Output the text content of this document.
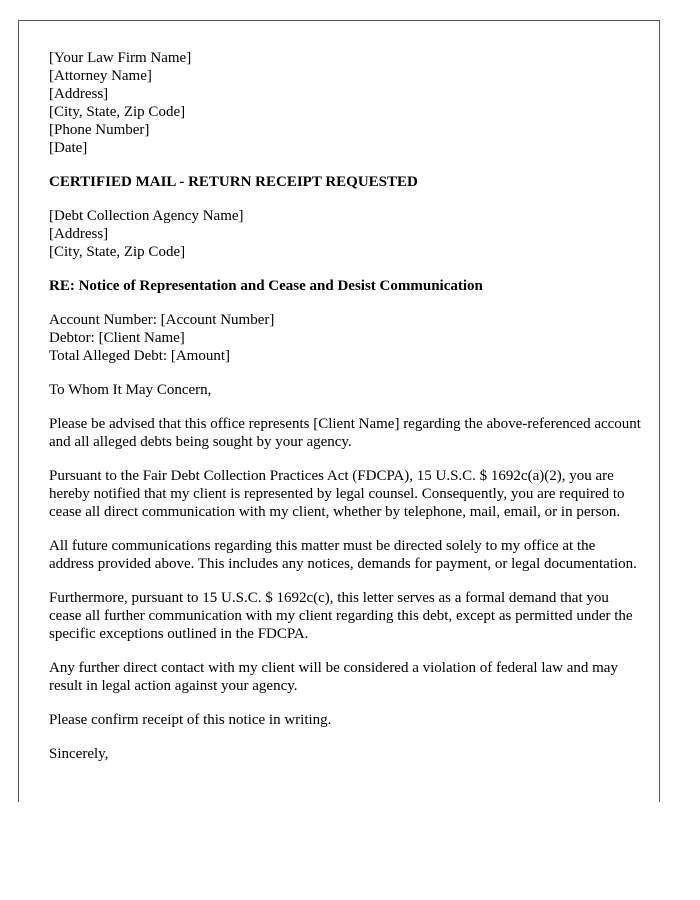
[Your Law Firm Name]
[Attorney Name]
[Address]
[City, State, Zip Code]
[Phone Number]
[Date]
CERTIFIED MAIL - RETURN RECEIPT REQUESTED
[Debt Collection Agency Name]
[Address]
[City, State, Zip Code]
RE: Notice of Representation and Cease and Desist Communication
Account Number: [Account Number]
Debtor: [Client Name]
Total Alleged Debt: [Amount]

To Whom It May Concern,

Please be advised that this office represents [Client Name] regarding the above-referenced account and all alleged debts being sought by your agency.

Pursuant to the Fair Debt Collection Practices Act (FDCPA), 15 U.S.C. $ 1692c(a)(2), you are hereby notified that my client is represented by legal counsel. Consequently, you are required to cease all direct communication with my client, whether by telephone, mail, email, or in person.

All future communications regarding this matter must be directed solely to my office at the address provided above. This includes any notices, demands for payment, or legal documentation.

Furthermore, pursuant to 15 U.S.C. $ 1692c(c), this letter serves as a formal demand that you cease all further communication with my client regarding this debt, except as permitted under the specific exceptions outlined in the FDCPA.

Any further direct contact with my client will be considered a violation of federal law and may result in legal action against your agency.

Please confirm receipt of this notice in writing.

Sincerely,
